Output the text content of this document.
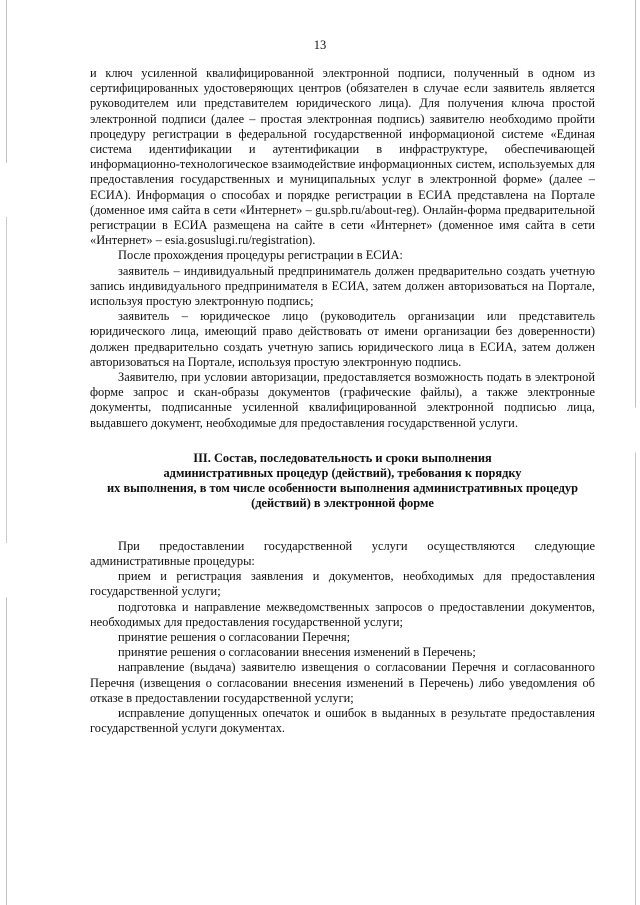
13

и ключ усиленной квалифицированной электронной подписи, полученный в одном из сертифицированных удостоверяющих центров (обязателен в случае если заявитель является руководителем или представителем юридического лица). Для получения ключа простой электронной подписи (далее – простая электронная подпись) заявителю необходимо пройти процедуру регистрации в федеральной государственной информационой системе «Единая система идентификации и аутентификации в инфраструктуре, обеспечивающей информационно-технологическое взаимодействие информационных систем, используемых для предоставления государственных и муниципальных услуг в электронной форме» (далее – ЕСИА). Информация о способах и порядке регистрации в ЕСИА представлена на Портале (доменное имя сайта в сети «Интернет» – gu.spb.ru/about-reg). Онлайн-форма предварительной регистрации в ЕСИА размещена на сайте в сети «Интернет» (доменное имя сайта в сети «Интернет» – esia.gosuslugi.ru/registration).

После прохождения процедуры регистрации в ЕСИА:

заявитель – индивидуальный предприниматель должен предварительно создать учетную запись индивидуального предпринимателя в ЕСИА, затем должен авторизоваться на Портале, используя простую электронную подпись;

заявитель – юридическое лицо (руководитель организации или представитель юридического лица, имеющий право действовать от имени организации без доверенности) должен предварительно создать учетную запись юридического лица в ЕСИА, затем должен авторизоваться на Портале, используя простую электронную подпись.

Заявителю, при условии авторизации, предоставляется возможность подать в электроной форме запрос и скан-образы документов (графические файлы), а также электронные документы, подписанные усиленной квалифицированной электронной подписью лица, выдавшего документ, необходимые для предоставления государственной услуги.

III. Состав, последовательность и сроки выполнения
административных процедур (действий), требования к порядку
их выполнения, в том числе особенности выполнения административных процедур
(действий) в электронной форме

При предоставлении государственной услуги осуществляются следующие административные процедуры:

прием и регистрация заявления и документов, необходимых для предоставления государственной услуги;

подготовка и направление межведомственных запросов о предоставлении документов, необходимых для предоставления государственной услуги;

принятие решения о согласовании Перечня;

принятие решения о согласовании внесения изменений в Перечень;

направление (выдача) заявителю извещения о согласовании Перечня и согласованного Перечня (извещения о согласовании внесения изменений в Перечень) либо уведомления об отказе в предоставлении государственной услуги;

исправление допущенных опечаток и ошибок в выданных в результате предоставления государственной услуги документах.
